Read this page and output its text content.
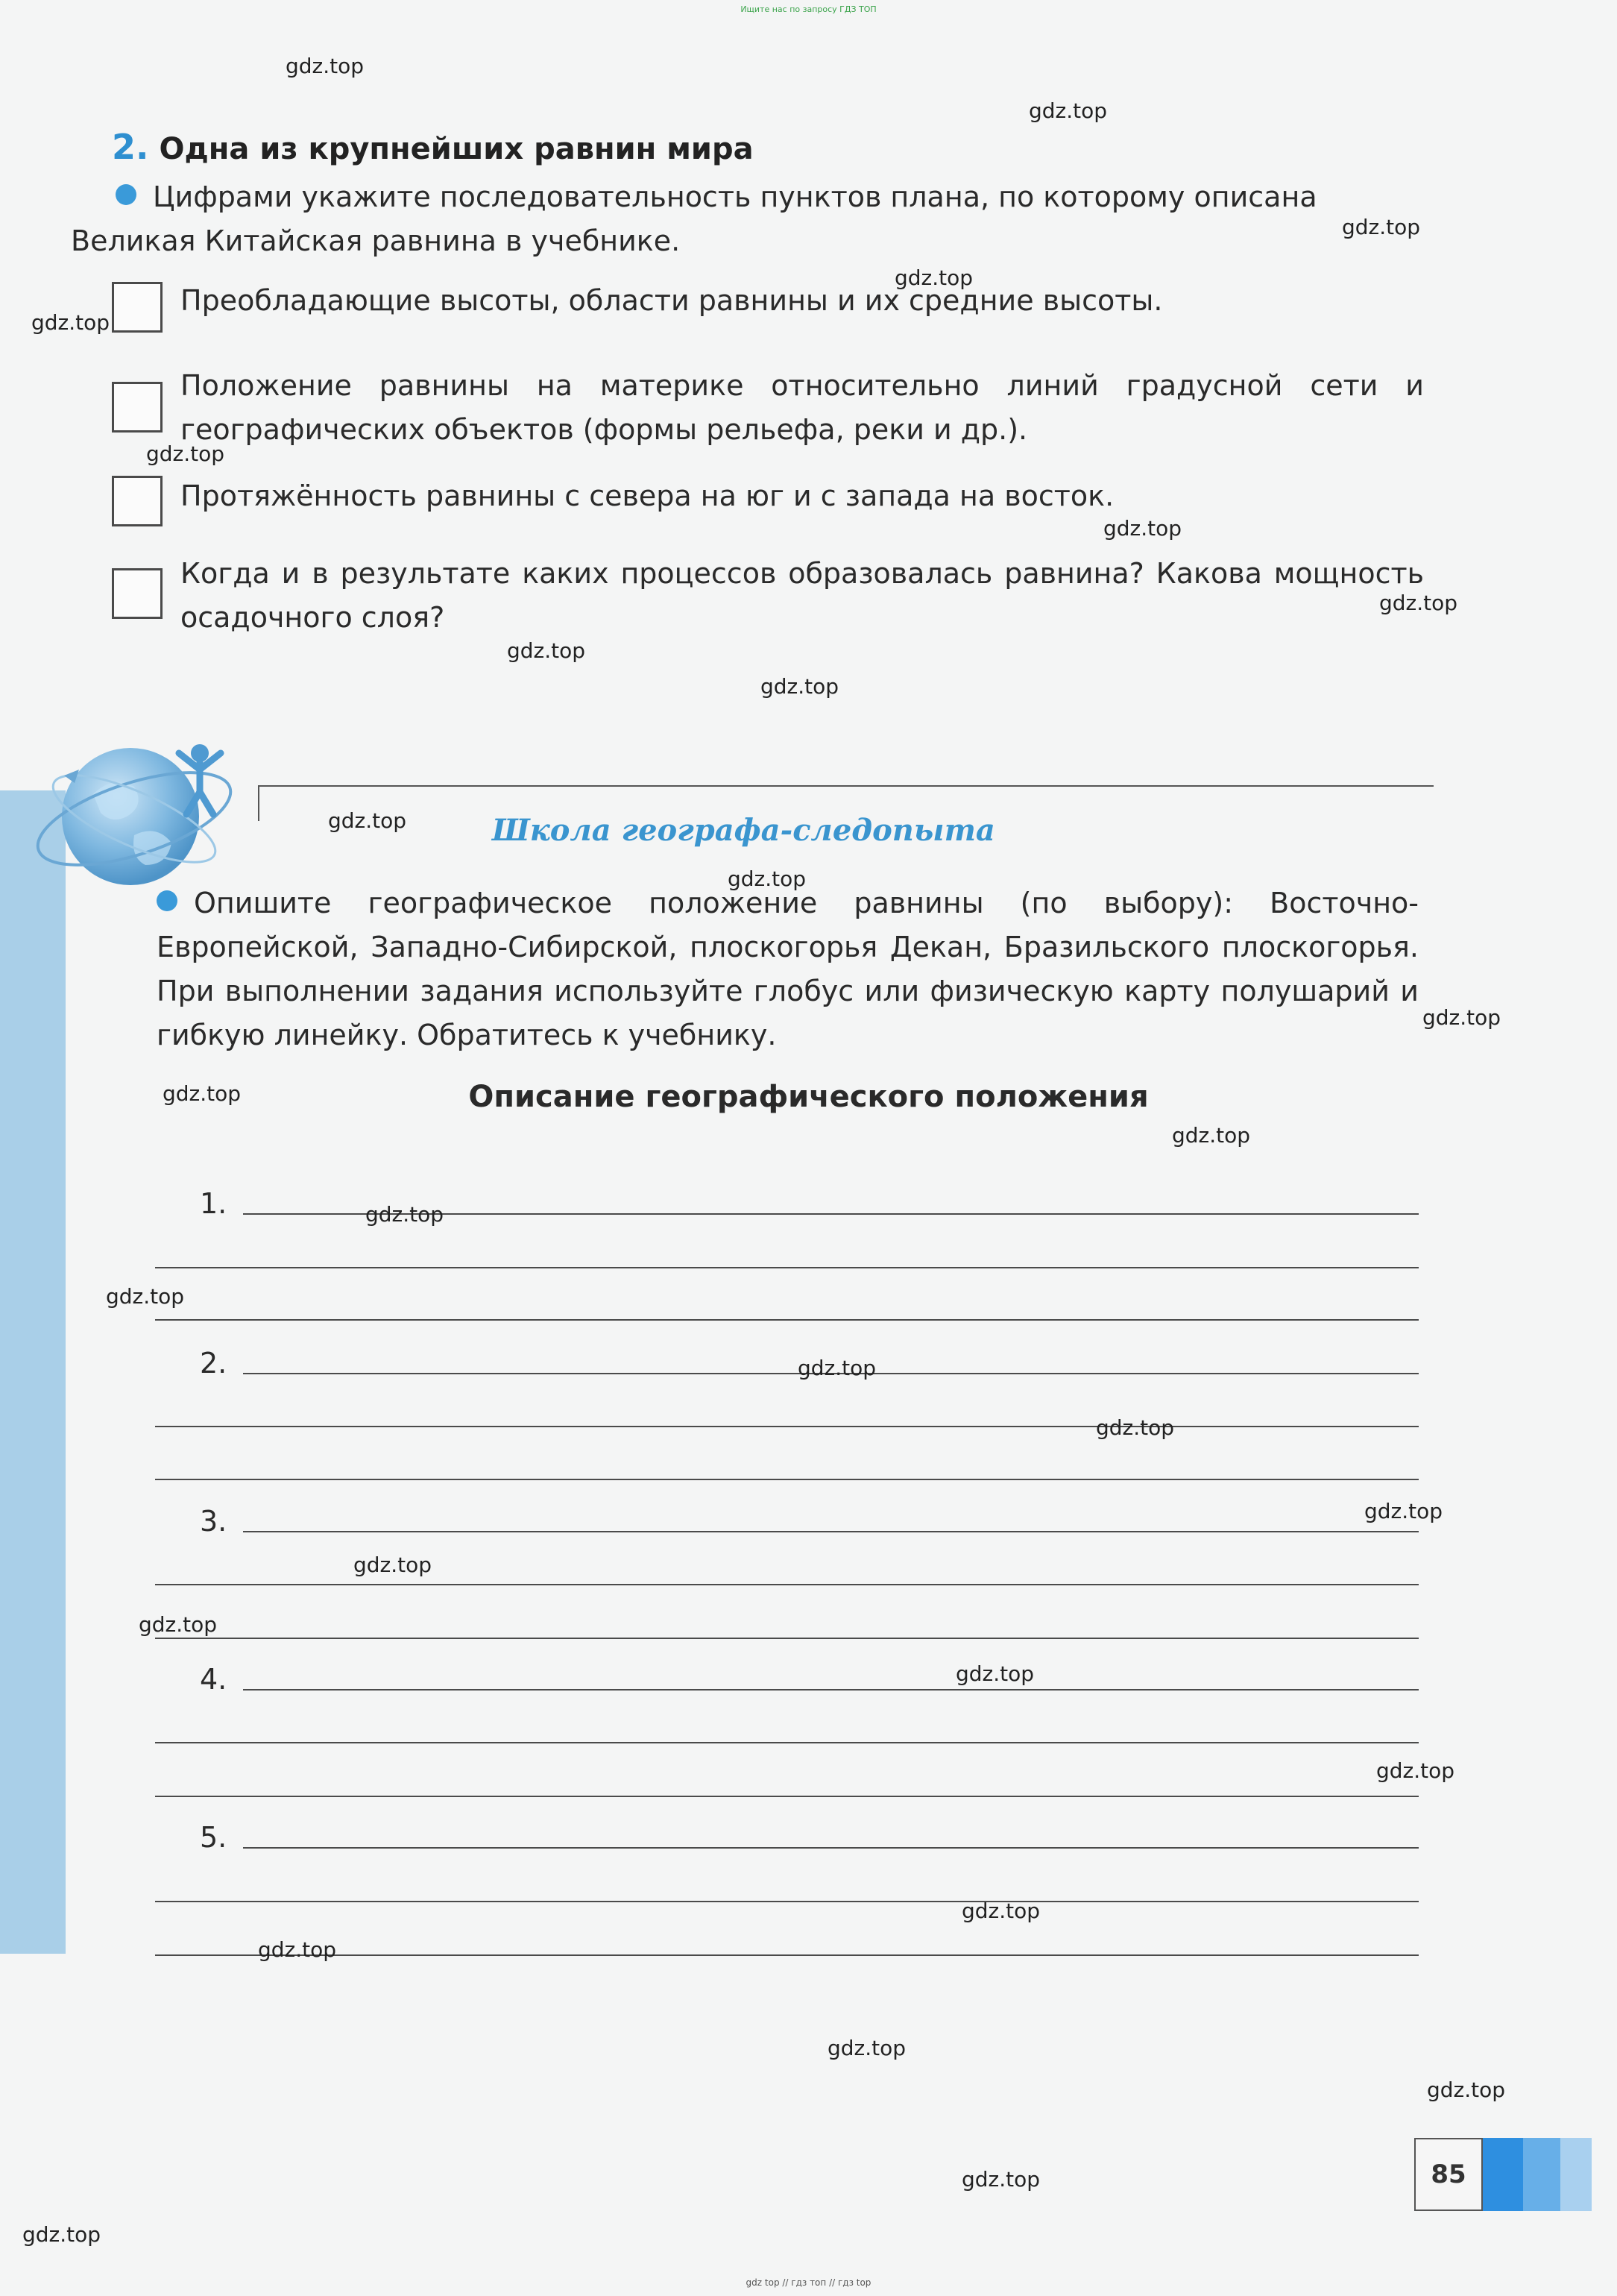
Ищите нас по запросу ГДЗ ТОП
2. Одна из крупнейших равнин мира
Цифрами укажите последовательность пунктов плана, по которому описана Великая Китайская равнина в учебнике.
Преобладающие высоты, области равнины и их средние высоты.
Положение равнины на материке относительно линий градусной сети и географических объектов (формы рельефа, реки и др.).
Протяжённость равнины с севера на юг и с запада на восток.
Когда и в результате каких процессов образовалась равнина? Какова мощность осадочного слоя?
Школа географа-следопыта
Опишите географическое положение равнины (по выбору): Восточно-Европейской, Западно-Сибирской, плоскогорья Декан, Бразильского плоскогорья. При выполнении задания используйте глобус или физическую карту полушарий и гибкую линейку. Обратитесь к учебнику.
Описание географического положения
1.
2.
3.
4.
5.
85
gdz.top
gdz.top
gdz.top
gdz.top
gdz.top
gdz.top
gdz.top
gdz.top
gdz.top
gdz.top
gdz.top
gdz.top
gdz.top
gdz.top
gdz.top
gdz.top
gdz.top
gdz.top
gdz.top
gdz.top
gdz.top
gdz.top
gdz.top
gdz.top
gdz.top
gdz.top
gdz.top
gdz.top
gdz.top
gdz.top
gdz top // гдз топ // гдз top
